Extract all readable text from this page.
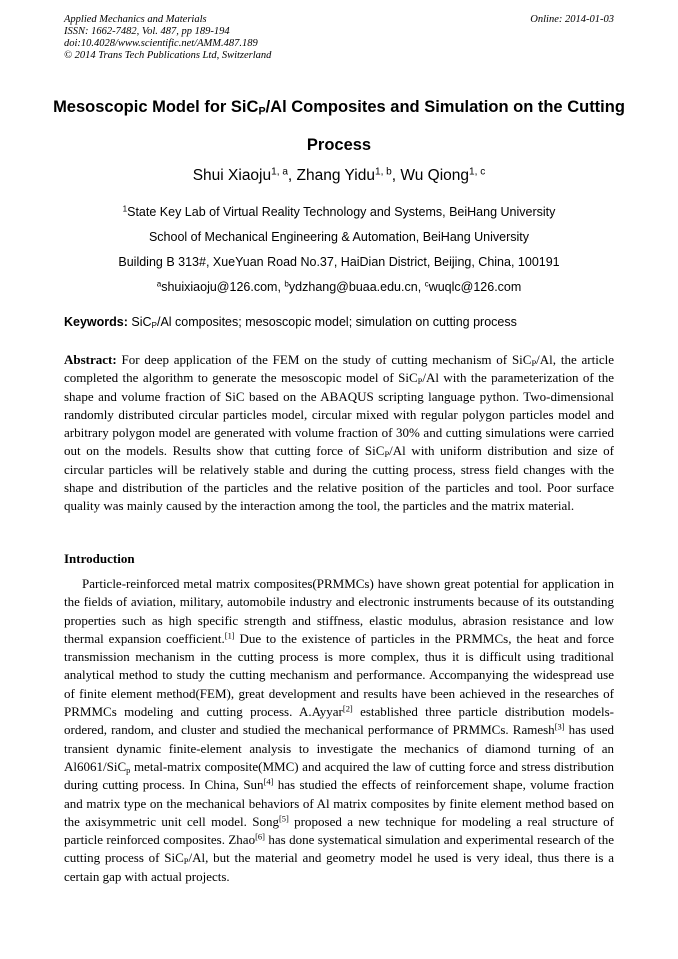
Applied Mechanics and Materials
ISSN: 1662-7482, Vol. 487, pp 189-194
doi:10.4028/www.scientific.net/AMM.487.189
© 2014 Trans Tech Publications Ltd, Switzerland
Online: 2014-01-03
Mesoscopic Model for SiC$_P$/Al Composites and Simulation on the Cutting Process
Shui Xiaoju$^{1, a}$, Zhang Yidu$^{1, b}$, Wu Qiong$^{1, c}$
$^1$State Key Lab of Virtual Reality Technology and Systems, BeiHang University
School of Mechanical Engineering & Automation, BeiHang University
Building B 313#, XueYuan Road No.37, HaiDian District, Beijing, China, 100191
$^a$shuixiaoju@126.com, $^b$ydzhang@buaa.edu.cn, $^c$wuqlc@126.com
Keywords: SiC$_P$/Al composites; mesoscopic model; simulation on cutting process
Abstract: For deep application of the FEM on the study of cutting mechanism of SiC$_P$/Al, the article completed the algorithm to generate the mesoscopic model of SiC$_P$/Al with the parameterization of the shape and volume fraction of SiC based on the ABAQUS scripting language python. Two-dimensional randomly distributed circular particles model, circular mixed with regular polygon particles model and arbitrary polygon model are generated with volume fraction of 30% and cutting simulations were carried out on the models. Results show that cutting force of SiC$_P$/Al with uniform distribution and size of circular particles will be relatively stable and during the cutting process, stress field changes with the shape and distribution of the particles and the relative position of the particles and tool. Poor surface quality was mainly caused by the interaction among the tool, the particles and the matrix material.
Introduction
Particle-reinforced metal matrix composites(PRMMCs) have shown great potential for application in the fields of aviation, military, automobile industry and electronic instruments because of its outstanding properties such as high specific strength and stiffness, elastic modulus, abrasion resistance and low thermal expansion coefficient.[1] Due to the existence of particles in the PRMMCs, the heat and force transmission mechanism in the cutting process is more complex, thus it is difficult using traditional analytical method to study the cutting mechanism and performance. Accompanying the widespread use of finite element method(FEM), great development and results have been achieved in the researches of PRMMCs modeling and cutting process. A.Ayyar[2] established three particle distribution models-ordered, random, and cluster and studied the mechanical performance of PRMMCs. Ramesh[3] has used transient dynamic finite-element analysis to investigate the mechanics of diamond turning of an Al6061/SiC$_p$ metal-matrix composite(MMC) and acquired the law of cutting force and stress distribution during cutting process. In China, Sun[4] has studied the effects of reinforcement shape, volume fraction and matrix type on the mechanical behaviors of Al matrix composites by finite element method based on the axisymmetric unit cell model. Song[5] proposed a new technique for modeling a real structure of particle reinforced composites. Zhao[6] has done systematical simulation and experimental research of the cutting process of SiC$_P$/Al, but the material and geometry model he used is very ideal, thus there is a certain gap with actual projects.
